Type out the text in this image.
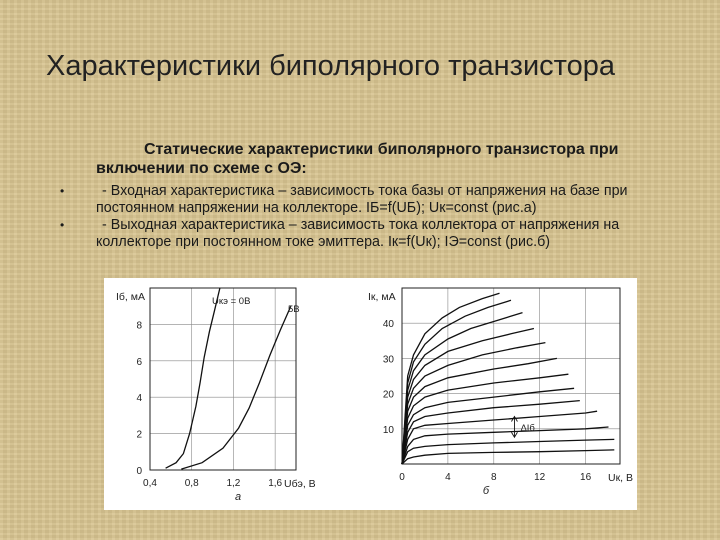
Характеристики биполярного транзистора
Статические характеристики биполярного транзистора при включении по схеме с ОЭ:
•	- Входная характеристика – зависимость тока базы от напряжения на базе при постоянном напряжении на коллекторе. IБ=f(UБ); Uк=const (рис.а)
•	- Выходная характеристика – зависимость тока коллектора от напряжения на коллекторе при постоянном токе эмиттера. Iк=f(Uк); IЭ=const (рис.б)
0,4	0,8	1,2	1,6
0
2
4
6
8
Iб, мА
Uбэ, В
а
Uкэ = 0В
5В
0	4	8	12	16
10
20
30
40
Iк, мА
Uк, В
б
ΔIб
